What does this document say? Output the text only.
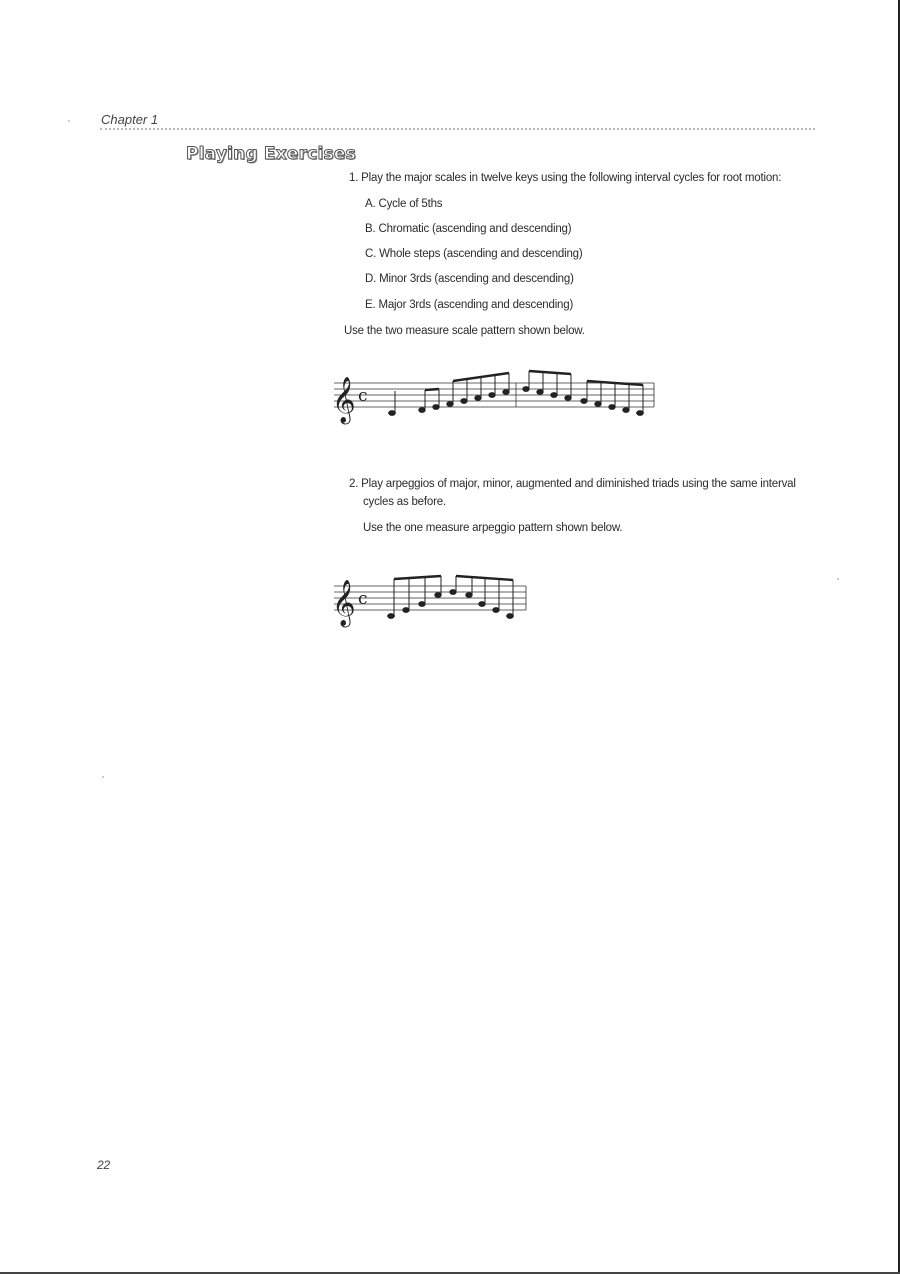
Chapter 1
Playing Exercises
1. Play the major scales in twelve keys using the following interval cycles for root motion:
A. Cycle of 5ths
B. Chromatic (ascending and descending)
C. Whole steps (ascending and descending)
D. Minor 3rds (ascending and descending)
E. Major 3rds (ascending and descending)
Use the two measure scale pattern shown below.
𝄞 c
2. Play arpeggios of major, minor, augmented and diminished triads using the same interval
cycles as before.
Use the one measure arpeggio pattern shown below.
𝄞 c
22
